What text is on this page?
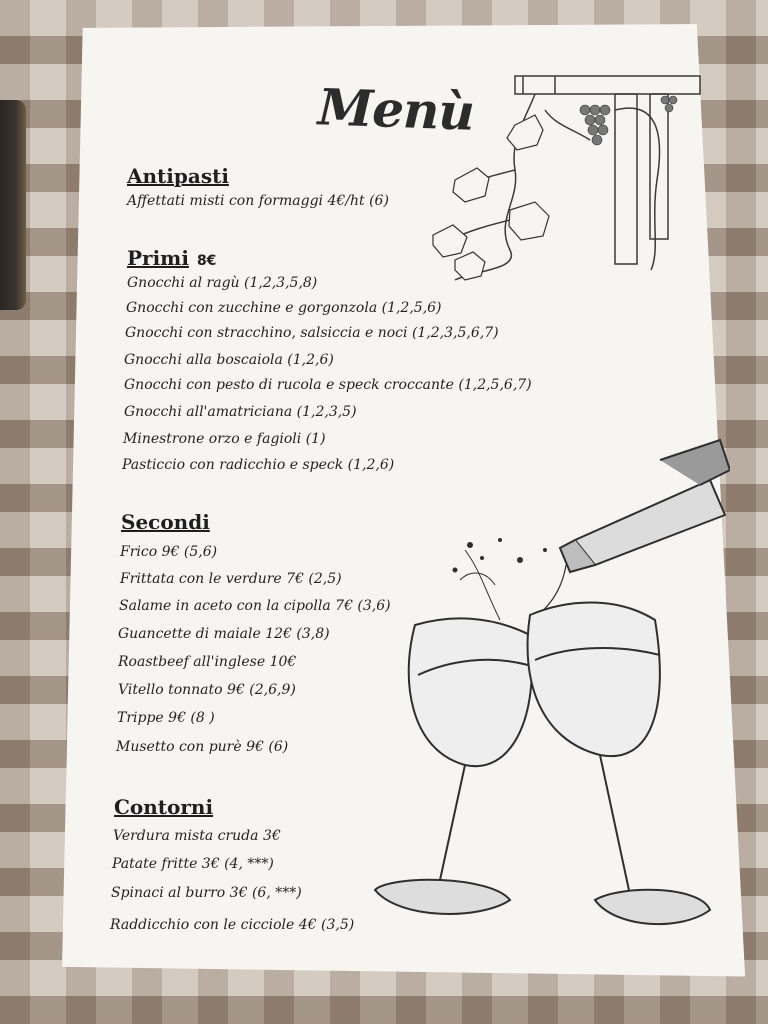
Menù
Antipasti

Affettati misti con formaggi 4€/ht (6)

Primi 8€

Gnocchi al ragù (1,2,3,5,8)

Gnocchi con zucchine e gorgonzola (1,2,5,6)

Gnocchi con stracchino, salsiccia e noci (1,2,3,5,6,7)

Gnocchi alla boscaiola (1,2,6)

Gnocchi con pesto di rucola e speck croccante (1,2,5,6,7)

Gnocchi all'amatriciana (1,2,3,5)

Minestrone orzo e fagioli (1)

Pasticcio con radicchio e speck (1,2,6)

Secondi

Frico 9€ (5,6)

Frittata con le verdure 7€ (2,5)

Salame in aceto con la cipolla 7€ (3,6)

Guancette di maiale 12€ (3,8)

Roastbeef all'inglese 10€

Vitello tonnato 9€ (2,6,9)

Trippe 9€ (8 )

Musetto con purè 9€ (6)

Contorni

Verdura mista cruda 3€

Patate fritte 3€ (4, ***)

Spinaci al burro 3€ (6, ***)

Raddicchio con le cicciole 4€ (3,5)
